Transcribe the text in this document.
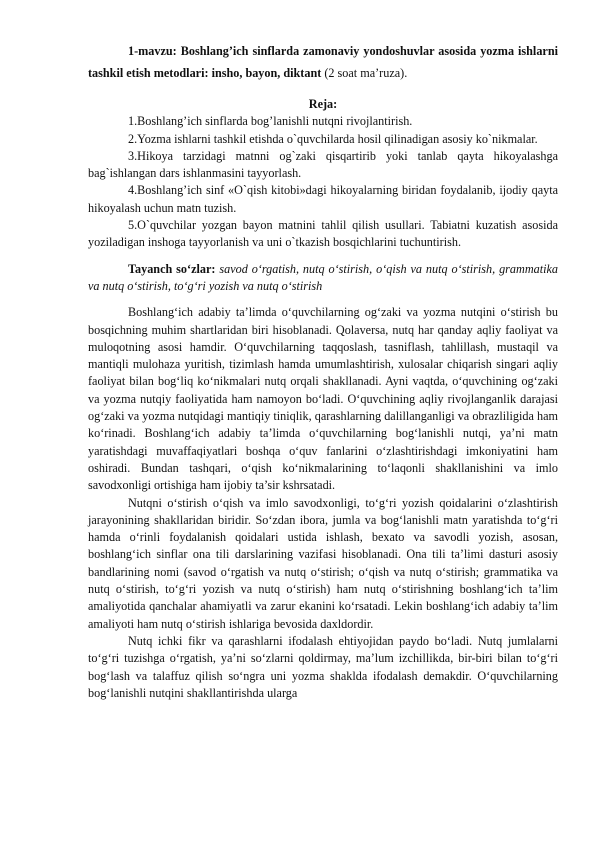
1-mavzu: Boshlang’ich sinflarda zamonaviy yondoshuvlar asosida yozma ishlarni tashkil etish metodlari: insho, bayon, diktant (2 soat ma’ruza).

Reja:

1.Boshlang’ich sinflarda bog’lanishli nutqni rivojlantirish.

2.Yozma ishlarni tashkil etishda o`quvchilarda hosil qilinadigan asosiy ko`nikmalar.

3.Hikoya tarzidagi matnni og`zaki qisqartirib yoki tanlab qayta hikoyalashga bag`ishlangan dars ishlanmasini tayyorlash.

4.Boshlang’ich sinf «O`qish kitobi»dagi hikoyalarning biridan foydalanib, ijodiy qayta hikoyalash uchun matn tuzish.

5.O`quvchilar yozgan bayon matnini tahlil qilish usullari. Tabiatni kuzatish asosida yoziladigan inshoga tayyorlanish va uni o`tkazish bosqichlarini tuchuntirish.

Tayanch so‘zlar: savod o‘rgatish, nutq o‘stirish, o‘qish va nutq o‘stirish, grammatika va nutq o‘stirish, to‘g‘ri yozish va nutq o‘stirish

Boshlang‘ich adabiy ta’limda o‘quvchilarning og‘zaki va yozma nutqini o‘stirish bu bosqichning muhim shartlaridan biri hisoblanadi. Qolaversa, nutq har qanday aqliy faoliyat va muloqotning asosi hamdir. O‘quvchilarning taqqoslash, tasniflash, tahlillash, mustaqil va mantiqli mulohaza yuritish, tizimlash hamda umumlashtirish, xulosalar chiqarish singari aqliy faoliyat bilan bog‘liq ko‘nikmalari nutq orqali shakllanadi. Ayni vaqtda, o‘quvchining og‘zaki va yozma nutqiy faoliyatida ham namoyon bo‘ladi. O‘quvchining aqliy rivojlanganlik darajasi og‘zaki va yozma nutqidagi mantiqiy tiniqlik, qarashlarning dalillanganligi va obrazliligida ham ko‘rinadi. Boshlang‘ich adabiy ta’limda o‘quvchilarning bog‘lanishli nutqi, ya’ni matn yaratishdagi muvaffaqiyatlari boshqa o‘quv fanlarini o‘zlashtirishdagi imkoniyatini ham oshiradi. Bundan tashqari, o‘qish ko‘nikmalarining to‘laqonli shakllanishini va imlo savodxonligi ortishiga ham ijobiy ta’sir kshrsatadi.

Nutqni o‘stirish o‘qish va imlo savodxonligi, to‘g‘ri yozish qoidalarini o‘zlashtirish jarayonining shakllaridan biridir. So‘zdan ibora, jumla va bog‘lanishli matn yaratishda to‘g‘ri hamda o‘rinli foydalanish qoidalari ustida ishlash, bexato va savodli yozish, asosan, boshlang‘ich sinflar ona tili darslarining vazifasi hisoblanadi. Ona tili ta’limi dasturi asosiy bandlarining nomi (savod o‘rgatish va nutq o‘stirish; o‘qish va nutq o‘stirish; grammatika va nutq o‘stirish, to‘g‘ri yozish va nutq o‘stirish) ham nutq o‘stirishning boshlang‘ich ta’lim amaliyotida qanchalar ahamiyatli va zarur ekanini ko‘rsatadi. Lekin boshlang‘ich adabiy ta’lim amaliyoti ham nutq o‘stirish ishlariga bevosida daxldordir.

Nutq ichki fikr va qarashlarni ifodalash ehtiyojidan paydo bo‘ladi. Nutq jumlalarni to‘g‘ri tuzishga o‘rgatish, ya’ni so‘zlarni qoldirmay, ma’lum izchillikda, bir-biri bilan to‘g‘ri bog‘lash va talaffuz qilish so‘ngra uni yozma shaklda ifodalash demakdir. O‘quvchilarning bog‘lanishli nutqini shakllantirishda ularga
